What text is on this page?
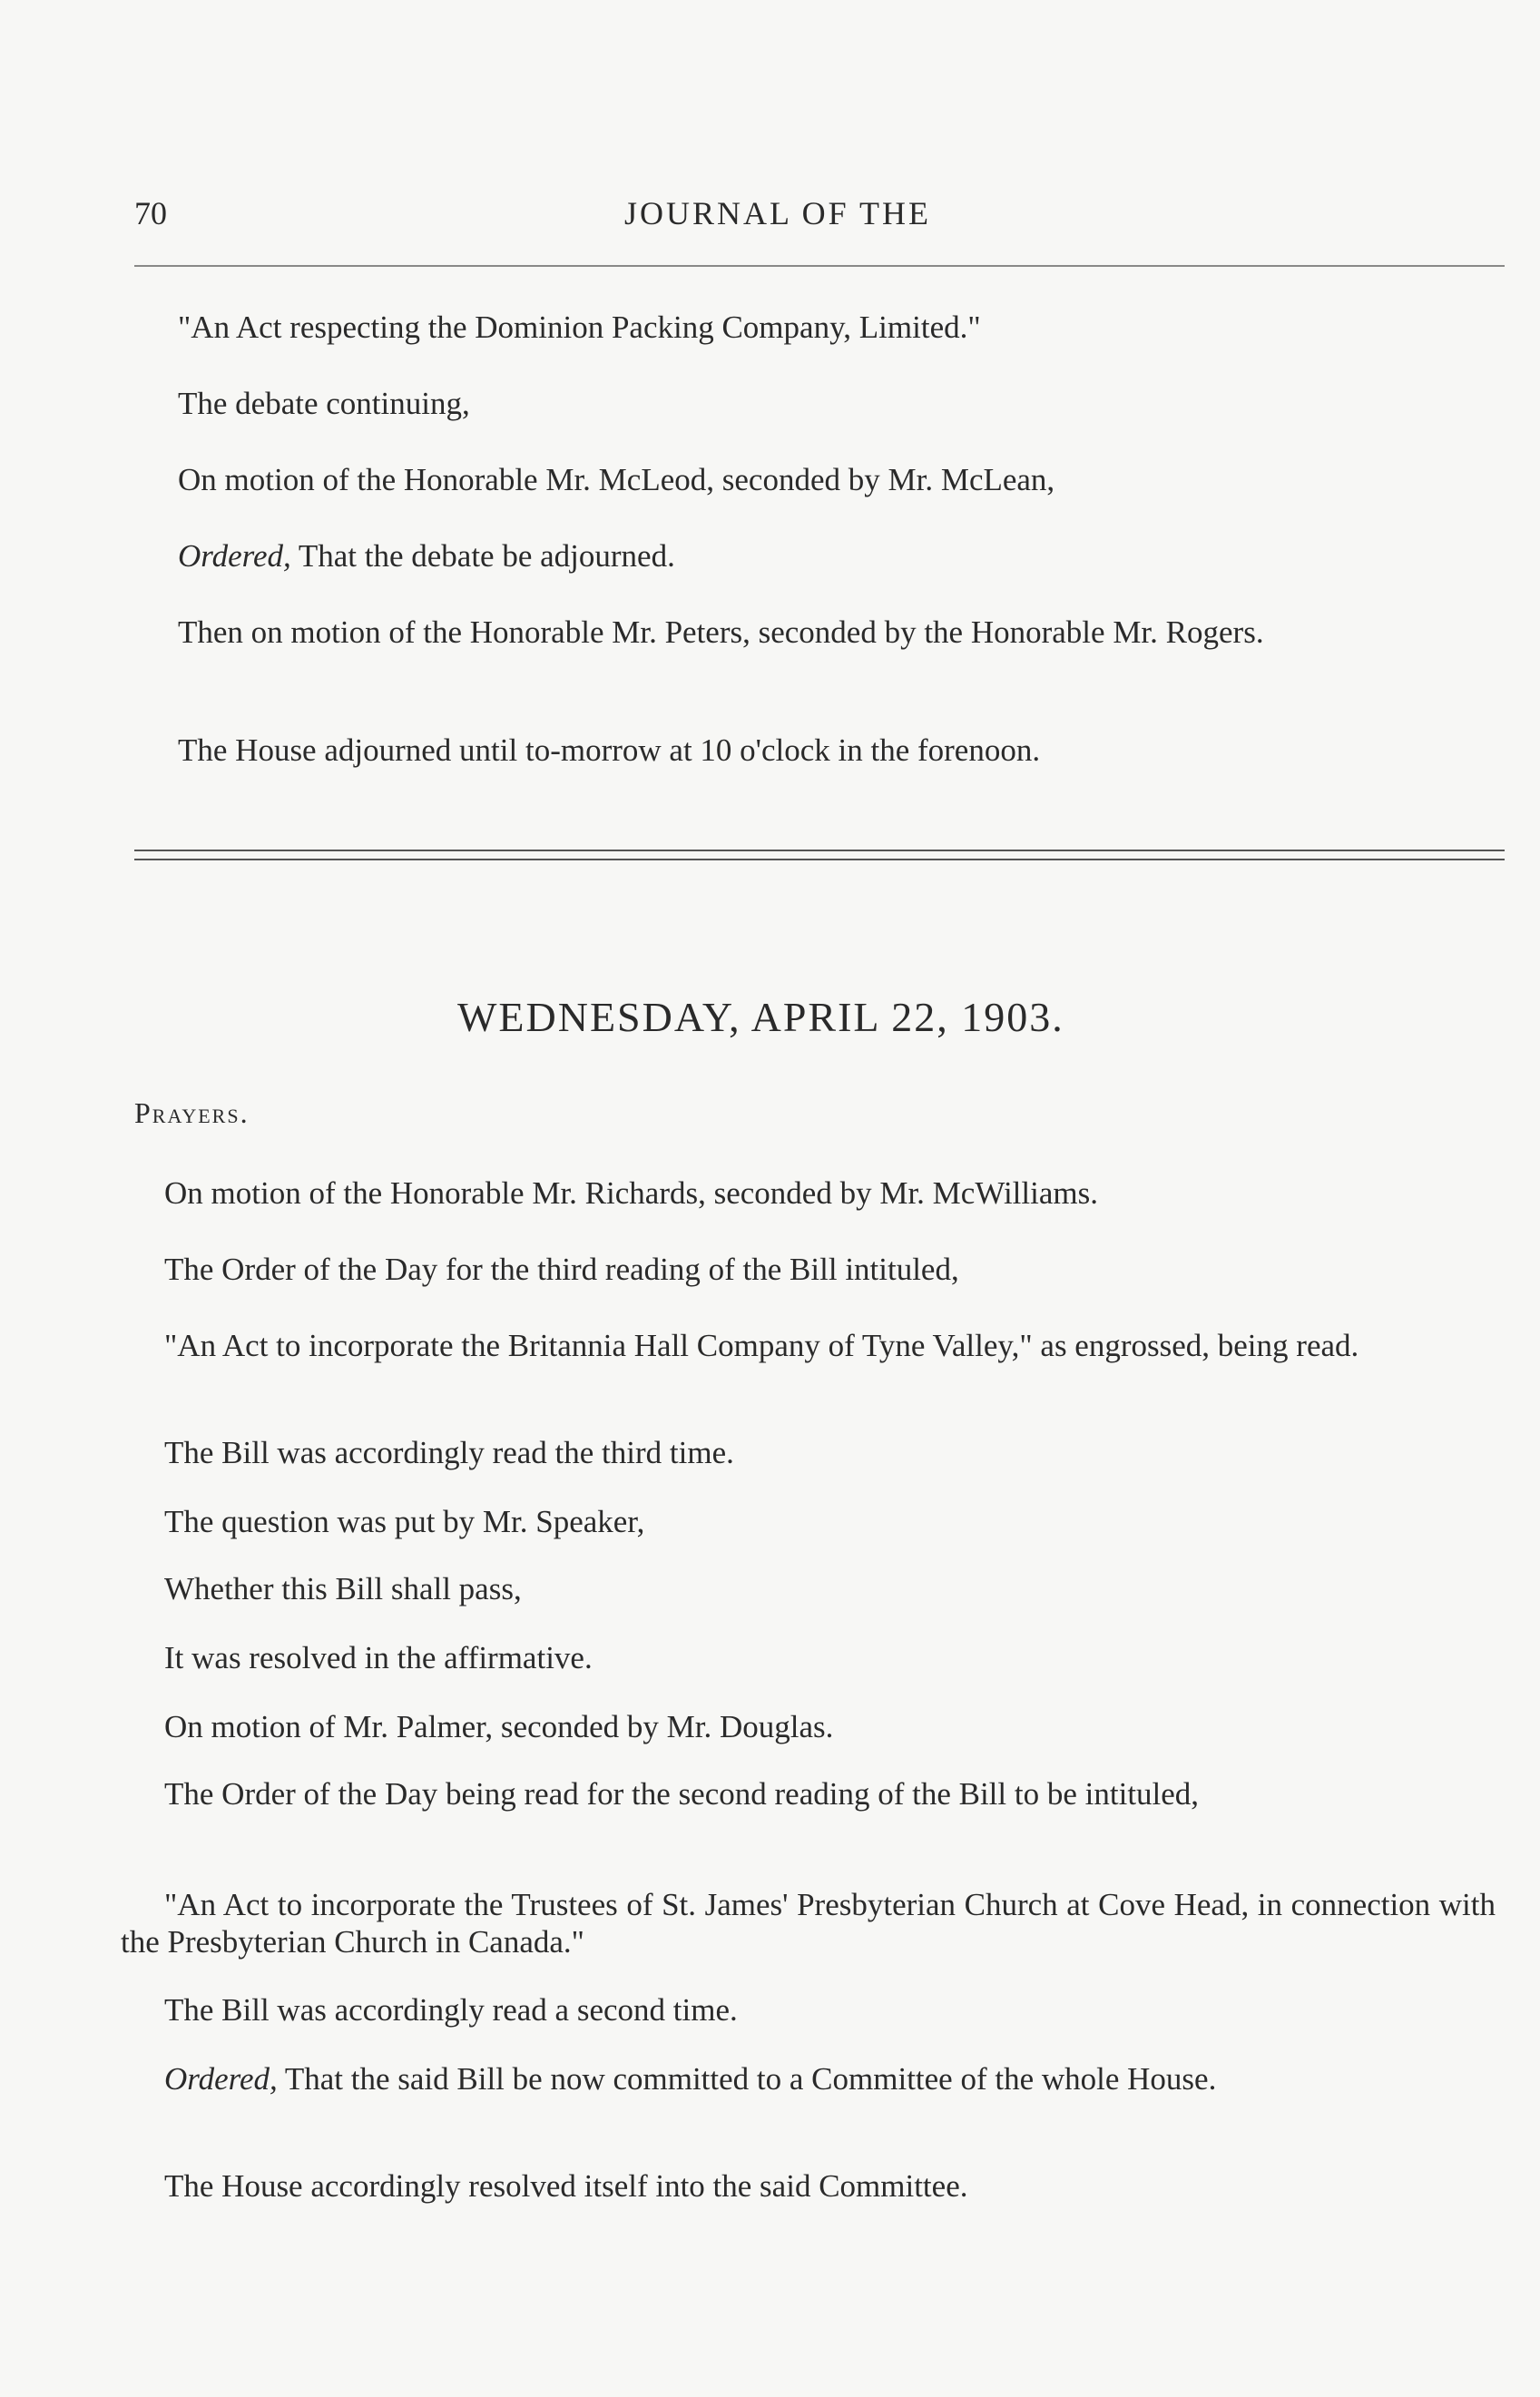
70	JOURNAL OF THE

"An Act respecting the Dominion Packing Company, Limited."

The debate continuing,

On motion of the Honorable Mr. McLeod, seconded by Mr. McLean,

Ordered, That the debate be adjourned.

Then on motion of the Honorable Mr. Peters, seconded by the Honorable Mr. Rogers.

The House adjourned until to-morrow at 10 o'clock in the forenoon.

WEDNESDAY, APRIL 22, 1903.
Prayers.

On motion of the Honorable Mr. Richards, seconded by Mr. McWilliams.

The Order of the Day for the third reading of the Bill intituled,

"An Act to incorporate the Britannia Hall Company of Tyne Valley," as engrossed, being read.

The Bill was accordingly read the third time.

The question was put by Mr. Speaker,

Whether this Bill shall pass,

It was resolved in the affirmative.

On motion of Mr. Palmer, seconded by Mr. Douglas.

The Order of the Day being read for the second reading of the Bill to be intituled,

"An Act to incorporate the Trustees of St. James' Presbyterian Church at Cove Head, in connection with the Presbyterian Church in Canada."

The Bill was accordingly read a second time.

Ordered, That the said Bill be now committed to a Committee of the whole House.

The House accordingly resolved itself into the said Committee.
